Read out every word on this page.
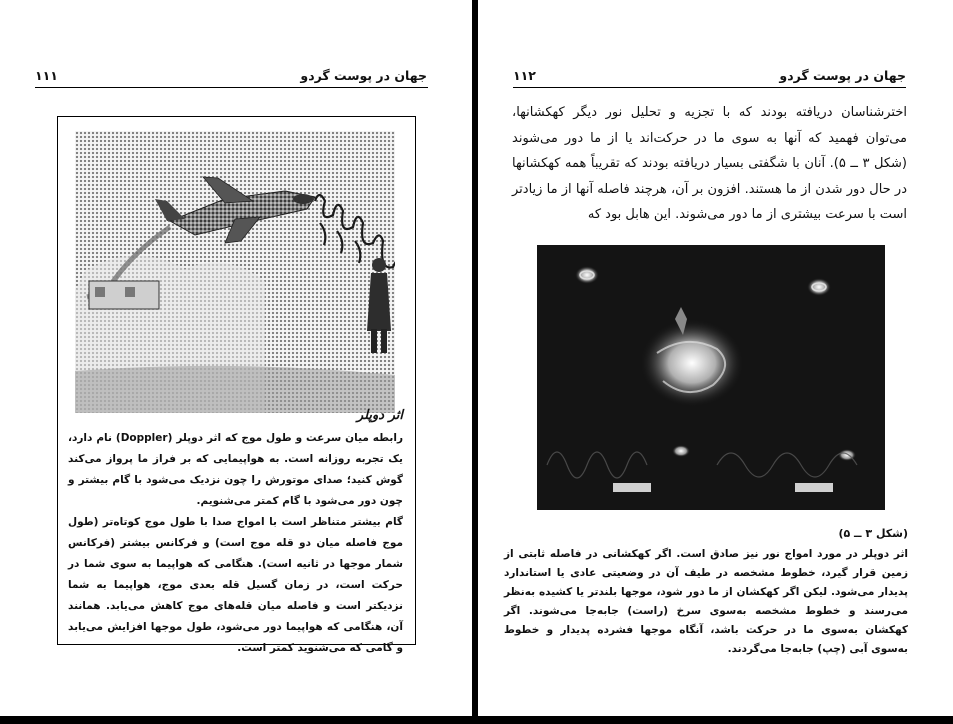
جهان در پوست گردو
۱۱۱
اثر دوپلر

رابطه میان سرعت و طول موج که اثر دوپلر (Doppler) نام دارد، یک تجربه روزانه است. به هواپیمایی که بر فراز ما پرواز می‌کند گوش کنید؛ صدای موتورش را چون نزدیک می‌شود با گام بیشتر و چون دور می‌شود با گام کمتر می‌شنویم.

گام بیشتر متناظر است با امواج صدا با طول موج کوتاه‌تر (طول موج فاصله میان دو قله موج است) و فرکانس بیشتر (فرکانس شمار موجها در ثانیه است). هنگامی که هواپیما به سوی شما در حرکت است، در زمان گسیل قله بعدی موج، هواپیما به شما نزدیکتر است و فاصله میان قله‌های موج کاهش می‌یابد. همانند آن، هنگامی که هواپیما دور می‌شود، طول موجها افزایش می‌یابد و گامی که می‌شنوید کمتر است.

جهان در پوست گردو
۱۱۲

اخترشناسان دریافته بودند که با تجزیه و تحلیل نور دیگر کهکشانها، می‌توان فهمید که آنها به سوی ما در حرکت‌اند یا از ما دور می‌شوند (شکل ۳ ــ ۵). آنان با شگفتی بسیار دریافته بودند که تقریباً همه کهکشانها در حال دور شدن از ما هستند. افزون بر آن، هرچند فاصله آنها از ما زیادتر است با سرعت بیشتری از ما دور می‌شوند. این هابل بود که

(شکل ۳ ــ ۵)

اثر دوپلر در مورد امواج نور نیز صادق است. اگر کهکشانی در فاصله ثابتی از زمین قرار گیرد، خطوط مشخصه در طیف آن در وضعیتی عادی یا استاندارد پدیدار می‌شود. لیکن اگر کهکشان از ما دور شود، موجها بلندتر یا کشیده به‌نظر می‌رسند و خطوط مشخصه به‌سوی سرخ (راست) جابه‌جا می‌شوند. اگر کهکشان به‌سوی ما در حرکت باشد، آنگاه موجها فشرده پدیدار و خطوط به‌سوی آبی (چپ) جابه‌جا می‌گردند.
